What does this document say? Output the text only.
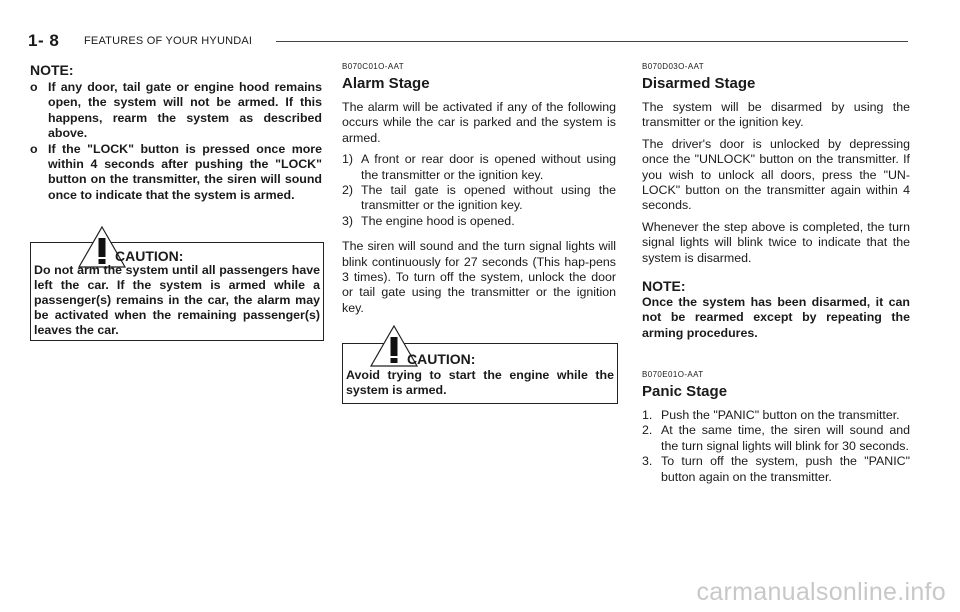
1- 8 FEATURES OF YOUR HYUNDAI

NOTE:

o If any door, tail gate or engine hood remains open, the system will not be armed. If this happens, rearm the system as described above.
o If the "LOCK" button is pressed once more within 4 seconds after pushing the "LOCK" button on the transmitter, the siren will sound once to indicate that the system is armed.
CAUTION:
Do not arm the system until all passengers have left the car. If the system is armed while a passenger(s) remains in the car, the alarm may be activated when the remaining passenger(s) leaves the car.
B070C01O-AAT
Alarm Stage

The alarm will be activated if any of the following occurs while the car is parked and the system is armed.

1) A front or rear door is opened without using the transmitter or the ignition key.
2) The tail gate is opened without using the transmitter or the ignition key.
3) The engine hood is opened.

The siren will sound and the turn signal lights will blink continuously for 27 seconds (This hap-pens 3 times). To turn off the system, unlock the door or tail gate using the transmitter or the ignition key.

CAUTION:
Avoid trying to start the engine while the system is armed.
B070D03O-AAT
Disarmed Stage

The system will be disarmed by using the transmitter or the ignition key.

The driver's door is unlocked by depressing once the "UNLOCK" button on the transmitter. If you wish to unlock all doors, press the "UN-LOCK" button on the transmitter again within 4 seconds.

Whenever the step above is completed, the turn signal lights will blink twice to indicate that the system is disarmed.

NOTE:

Once the system has been disarmed, it can not be rearmed except by repeating the arming procedures.

B070E01O-AAT
Panic Stage
1. Push the "PANIC" button on the transmitter.
2. At the same time, the siren will sound and the turn signal lights will blink for 30 seconds.
3. To turn off the system, push the "PANIC" button again on the transmitter.
carmanualsonline.info
